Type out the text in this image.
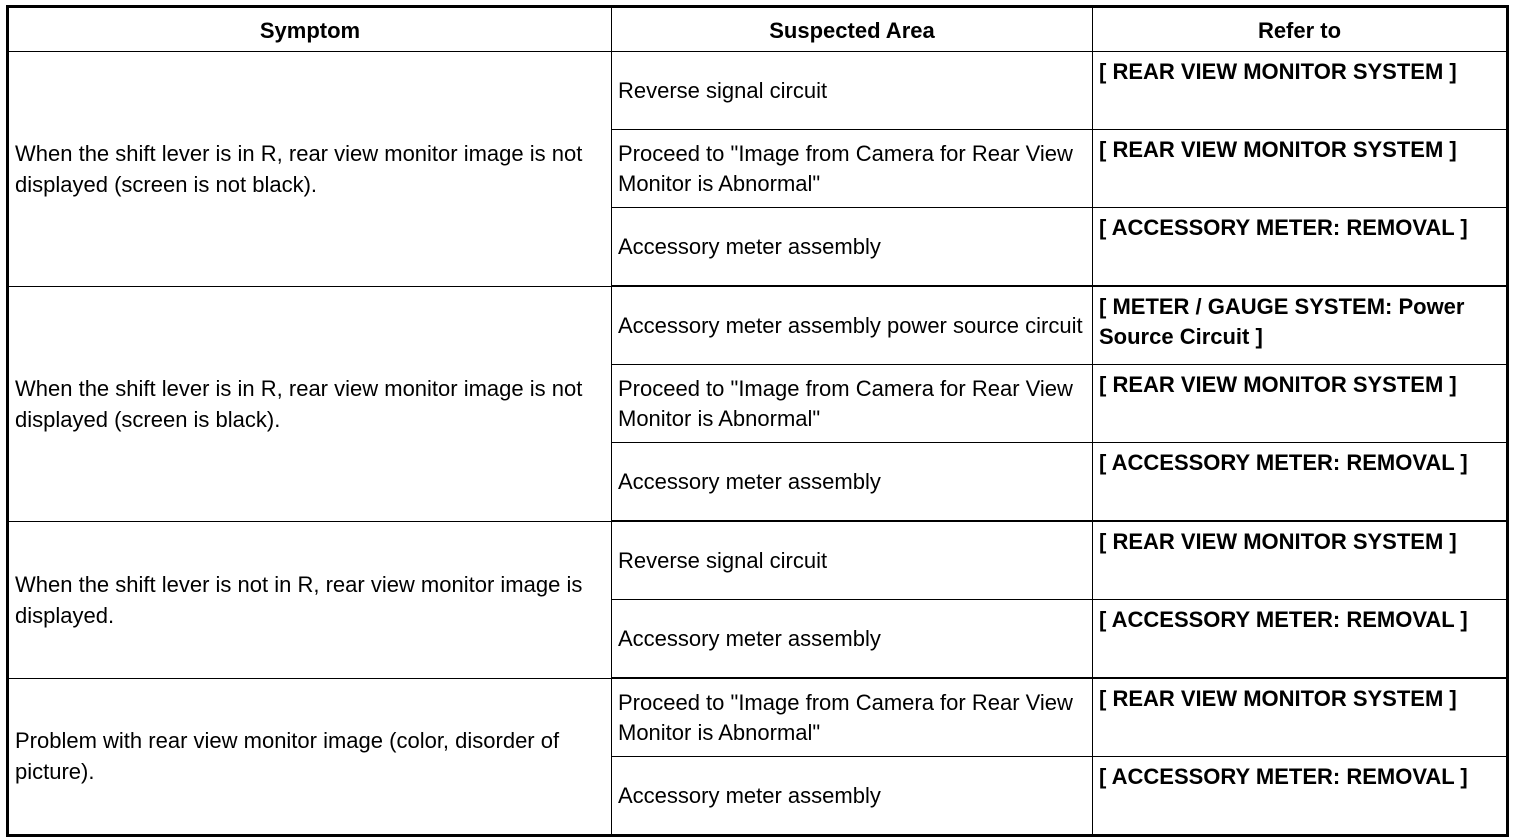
Symptom	Suspected Area	Refer to
When the shift lever is in R, rear view monitor image is not displayed (screen is not black).	Reverse signal circuit	[ REAR VIEW MONITOR SYSTEM ]
	Proceed to "Image from Camera for Rear View Monitor is Abnormal"	[ REAR VIEW MONITOR SYSTEM ]
	Accessory meter assembly	[ ACCESSORY METER: REMOVAL ]
When the shift lever is in R, rear view monitor image is not displayed (screen is black).	Accessory meter assembly power source circuit	[ METER / GAUGE SYSTEM: Power Source Circuit ]
	Proceed to "Image from Camera for Rear View Monitor is Abnormal"	[ REAR VIEW MONITOR SYSTEM ]
	Accessory meter assembly	[ ACCESSORY METER: REMOVAL ]
When the shift lever is not in R, rear view monitor image is displayed.	Reverse signal circuit	[ REAR VIEW MONITOR SYSTEM ]
	Accessory meter assembly	[ ACCESSORY METER: REMOVAL ]
Problem with rear view monitor image (color, disorder of picture).	Proceed to "Image from Camera for Rear View Monitor is Abnormal"	[ REAR VIEW MONITOR SYSTEM ]
	Accessory meter assembly	[ ACCESSORY METER: REMOVAL ]
